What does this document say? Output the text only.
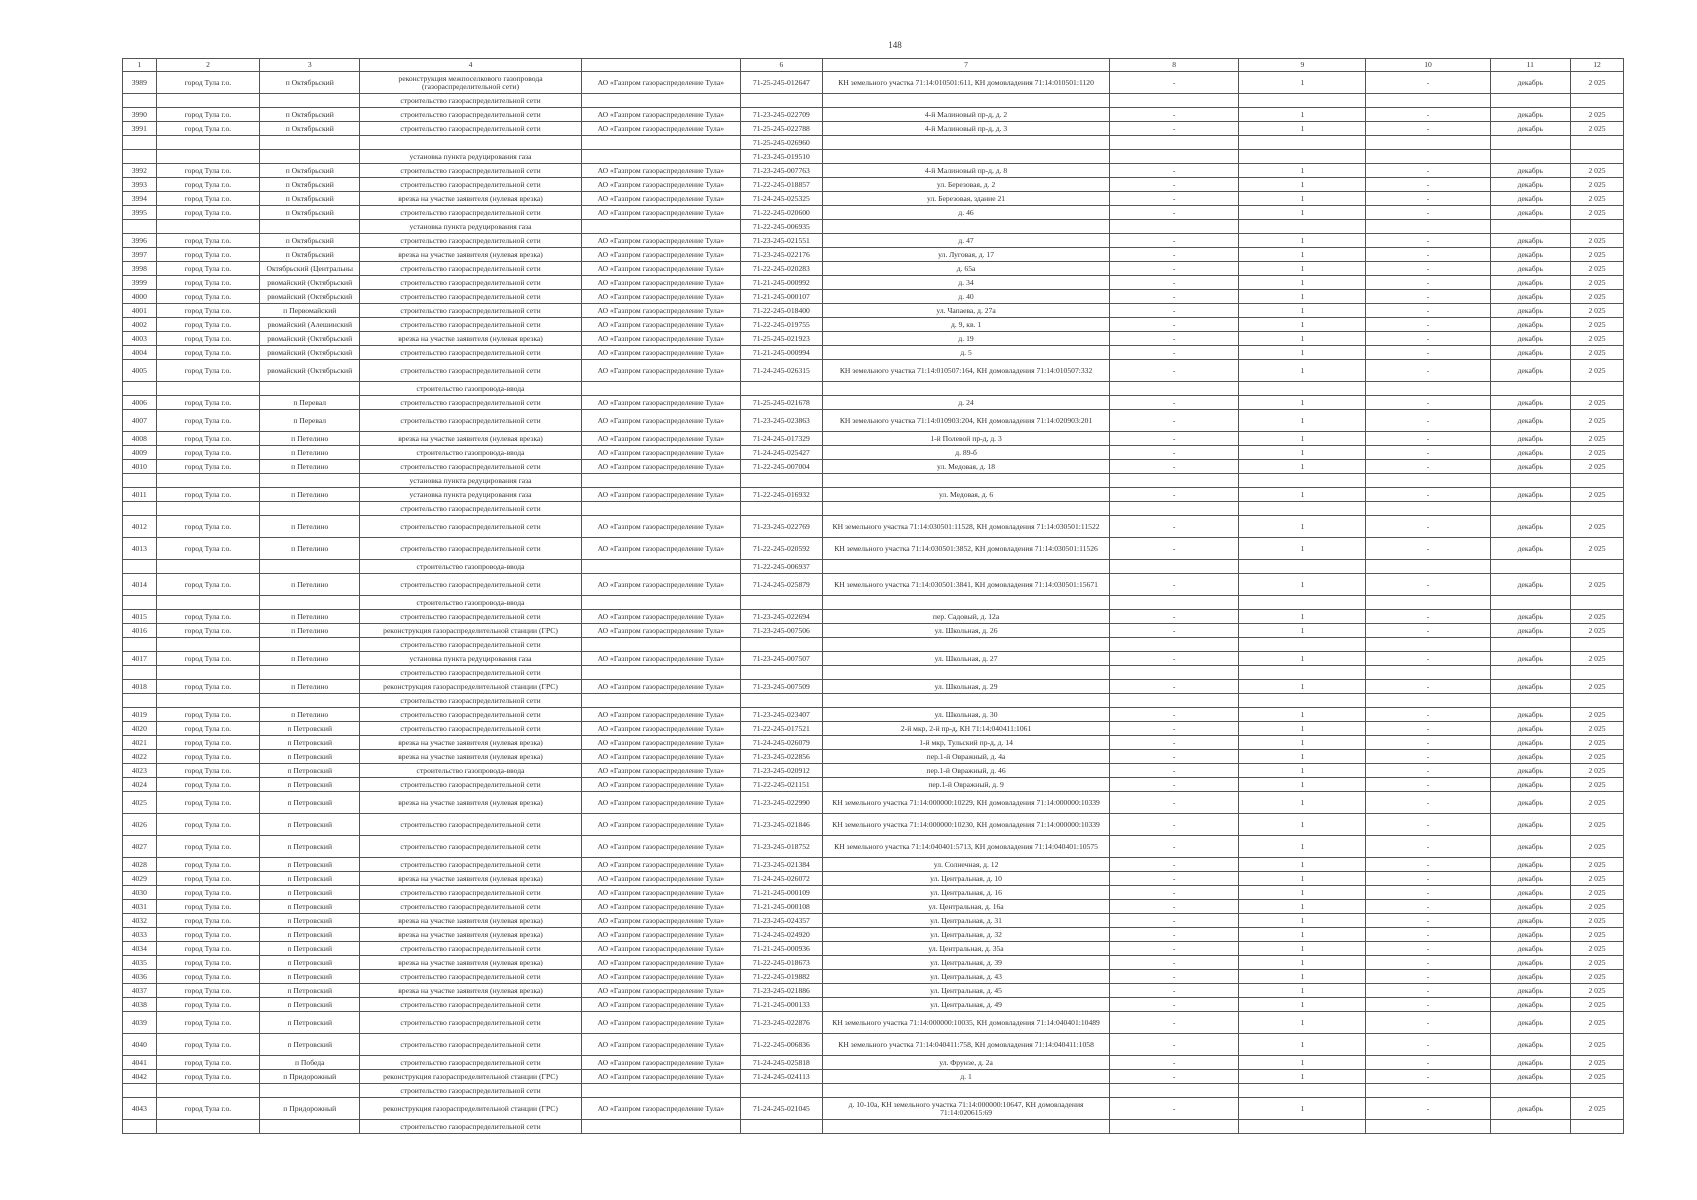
148
1	2	3	4		6	7	8	9	10	11	12
3989	город Тула г.о.	п Октябрьский	реконструкция межпоселкового газопровода (газораспределительной сети)	АО «Газпром газораспределение Тула»	71-25-245-012647	КН земельного участка 71:14:010501:611, КН домовладения 71:14:010501:1120	-	1	-	декабрь	2 025
			строительство газораспределительной сети								
3990	город Тула г.о.	п Октябрьский	строительство газораспределительной сети	АО «Газпром газораспределение Тула»	71-23-245-022709	4-й Малиновый пр-д, д. 2	-	1	-	декабрь	2 025
3991	город Тула г.о.	п Октябрьский	строительство газораспределительной сети	АО «Газпром газораспределение Тула»	71-25-245-022788	4-й Малиновый пр-д, д. 3	-	1	-	декабрь	2 025
					71-25-245-026960						
			установка пункта редуцирования газа		71-23-245-019510						
3992	город Тула г.о.	п Октябрьский	строительство газораспределительной сети	АО «Газпром газораспределение Тула»	71-23-245-007763	4-й Малиновый пр-д, д. 8	-	1	-	декабрь	2 025
3993	город Тула г.о.	п Октябрьский	строительство газораспределительной сети	АО «Газпром газораспределение Тула»	71-22-245-018857	ул. Березовая, д. 2	-	1	-	декабрь	2 025
3994	город Тула г.о.	п Октябрьский	врезка на участке заявителя (нулевая врезка)	АО «Газпром газораспределение Тула»	71-24-245-025325	ул. Березовая, здание 21	-	1	-	декабрь	2 025
3995	город Тула г.о.	п Октябрьский	строительство газораспределительной сети	АО «Газпром газораспределение Тула»	71-22-245-020600	д. 46	-	1	-	декабрь	2 025
			установка пункта редуцирования газа		71-22-245-006935						
3996	город Тула г.о.	п Октябрьский	строительство газораспределительной сети	АО «Газпром газораспределение Тула»	71-23-245-021551	д. 47	-	1	-	декабрь	2 025
3997	город Тула г.о.	п Октябрьский	врезка на участке заявителя (нулевая врезка)	АО «Газпром газораспределение Тула»	71-23-245-022176	ул. Луговая, д. 17	-	1	-	декабрь	2 025
3998	город Тула г.о.	Октябрьский (Центральны	строительство газораспределительной сети	АО «Газпром газораспределение Тула»	71-22-245-020283	д. 65а	-	1	-	декабрь	2 025
3999	город Тула г.о.	рвомайский (Октябрьский	строительство газораспределительной сети	АО «Газпром газораспределение Тула»	71-21-245-000992	д. 34	-	1	-	декабрь	2 025
4000	город Тула г.о.	рвомайский (Октябрьский	строительство газораспределительной сети	АО «Газпром газораспределение Тула»	71-21-245-000107	д. 40	-	1	-	декабрь	2 025
4001	город Тула г.о.	п Первомайский	строительство газораспределительной сети	АО «Газпром газораспределение Тула»	71-22-245-018400	ул. Чапаева, д. 27а	-	1	-	декабрь	2 025
4002	город Тула г.о.	рвомайский (Алешинский	строительство газораспределительной сети	АО «Газпром газораспределение Тула»	71-22-245-019755	д. 9, кв. 1	-	1	-	декабрь	2 025
4003	город Тула г.о.	рвомайский (Октябрьский	врезка на участке заявителя (нулевая врезка)	АО «Газпром газораспределение Тула»	71-25-245-021923	д. 19	-	1	-	декабрь	2 025
4004	город Тула г.о.	рвомайский (Октябрьский	строительство газораспределительной сети	АО «Газпром газораспределение Тула»	71-21-245-000994	д. 5	-	1	-	декабрь	2 025
4005	город Тула г.о.	рвомайский (Октябрьский	строительство газораспределительной сети	АО «Газпром газораспределение Тула»	71-24-245-026315	КН земельного участка 71:14:010507:164, КН домовладения 71:14:010507:332	-	1	-	декабрь	2 025
			строительство газопровода-ввода								
4006	город Тула г.о.	п Перевал	строительство газораспределительной сети	АО «Газпром газораспределение Тула»	71-25-245-021678	д. 24	-	1	-	декабрь	2 025
4007	город Тула г.о.	п Перевал	строительство газораспределительной сети	АО «Газпром газораспределение Тула»	71-23-245-023863	КН земельного участка 71:14:010903:204, КН домовладения 71:14:020903:201	-	1	-	декабрь	2 025
4008	город Тула г.о.	п Петелино	врезка на участке заявителя (нулевая врезка)	АО «Газпром газораспределение Тула»	71-24-245-017329	1-й Полевой пр-д, д. 3	-	1	-	декабрь	2 025
4009	город Тула г.о.	п Петелино	строительство газопровода-ввода	АО «Газпром газораспределение Тула»	71-24-245-025427	д. 89-б	-	1	-	декабрь	2 025
4010	город Тула г.о.	п Петелино	строительство газораспределительной сети	АО «Газпром газораспределение Тула»	71-22-245-007004	ул. Медовая, д. 18	-	1	-	декабрь	2 025
			установка пункта редуцирования газа								
4011	город Тула г.о.	п Петелино	установка пункта редуцирования газа	АО «Газпром газораспределение Тула»	71-22-245-016932	ул. Медовая, д. 6	-	1	-	декабрь	2 025
			строительство газораспределительной сети								
4012	город Тула г.о.	п Петелино	строительство газораспределительной сети	АО «Газпром газораспределение Тула»	71-23-245-022769	КН земельного участка 71:14:030501:11528, КН домовладения 71:14:030501:11522	-	1	-	декабрь	2 025
4013	город Тула г.о.	п Петелино	строительство газораспределительной сети	АО «Газпром газораспределение Тула»	71-22-245-020592	КН земельного участка 71:14:030501:3852, КН домовладения 71:14:030501:11526	-	1	-	декабрь	2 025
			строительство газопровода-ввода		71-22-245-006937						
4014	город Тула г.о.	п Петелино	строительство газораспределительной сети	АО «Газпром газораспределение Тула»	71-24-245-025879	КН земельного участка 71:14:030501:3841, КН домовладения 71:14:030501:15671	-	1	-	декабрь	2 025
			строительство газопровода-ввода								
4015	город Тула г.о.	п Петелино	строительство газораспределительной сети	АО «Газпром газораспределение Тула»	71-23-245-022694	пер. Садовый, д. 12а	-	1	-	декабрь	2 025
4016	город Тула г.о.	п Петелино	реконструкция газораспределительной станции (ГРС)	АО «Газпром газораспределение Тула»	71-23-245-007506	ул. Школьная, д. 26	-	1	-	декабрь	2 025
			строительство газораспределительной сети								
4017	город Тула г.о.	п Петелино	установка пункта редуцирования газа	АО «Газпром газораспределение Тула»	71-23-245-007507	ул. Школьная, д. 27	-	1	-	декабрь	2 025
			строительство газораспределительной сети								
4018	город Тула г.о.	п Петелино	реконструкция газораспределительной станции (ГРС)	АО «Газпром газораспределение Тула»	71-23-245-007509	ул. Школьная, д. 29	-	1	-	декабрь	2 025
			строительство газораспределительной сети								
4019	город Тула г.о.	п Петелино	строительство газораспределительной сети	АО «Газпром газораспределение Тула»	71-23-245-023407	ул. Школьная, д. 30	-	1	-	декабрь	2 025
4020	город Тула г.о.	п Петровский	строительство газораспределительной сети	АО «Газпром газораспределение Тула»	71-22-245-017521	2-й мкр, 2-й пр-д, КН 71:14:040411:1061	-	1	-	декабрь	2 025
4021	город Тула г.о.	п Петровский	врезка на участке заявителя (нулевая врезка)	АО «Газпром газораспределение Тула»	71-24-245-026079	1-й мкр, Тульский пр-д, д. 14	-	1	-	декабрь	2 025
4022	город Тула г.о.	п Петровский	врезка на участке заявителя (нулевая врезка)	АО «Газпром газораспределение Тула»	71-23-245-022856	пер.1-й Овражный, д. 4а	-	1	-	декабрь	2 025
4023	город Тула г.о.	п Петровский	строительство газопровода-ввода	АО «Газпром газораспределение Тула»	71-23-245-020912	пер.1-й Овражный, д. 46	-	1	-	декабрь	2 025
4024	город Тула г.о.	п Петровский	строительство газораспределительной сети	АО «Газпром газораспределение Тула»	71-22-245-021151	пер.1-й Овражный, д. 9	-	1	-	декабрь	2 025
4025	город Тула г.о.	п Петровский	врезка на участке заявителя (нулевая врезка)	АО «Газпром газораспределение Тула»	71-23-245-022990	КН земельного участка 71:14:000000:10229, КН домовладения 71:14:000000:10339	-	1	-	декабрь	2 025
4026	город Тула г.о.	п Петровский	строительство газораспределительной сети	АО «Газпром газораспределение Тула»	71-23-245-021846	КН земельного участка 71:14:000000:10230, КН домовладения 71:14:000000:10339	-	1	-	декабрь	2 025
4027	город Тула г.о.	п Петровский	строительство газораспределительной сети	АО «Газпром газораспределение Тула»	71-23-245-018752	КН земельного участка 71:14:040401:5713, КН домовладения 71:14:040401:10575	-	1	-	декабрь	2 025
4028	город Тула г.о.	п Петровский	строительство газораспределительной сети	АО «Газпром газораспределение Тула»	71-23-245-021384	ул. Солнечная, д. 12	-	1	-	декабрь	2 025
4029	город Тула г.о.	п Петровский	врезка на участке заявителя (нулевая врезка)	АО «Газпром газораспределение Тула»	71-24-245-026072	ул. Центральная, д. 10	-	1	-	декабрь	2 025
4030	город Тула г.о.	п Петровский	строительство газораспределительной сети	АО «Газпром газораспределение Тула»	71-21-245-000109	ул. Центральная, д. 16	-	1	-	декабрь	2 025
4031	город Тула г.о.	п Петровский	строительство газораспределительной сети	АО «Газпром газораспределение Тула»	71-21-245-000108	ул. Центральная, д. 16а	-	1	-	декабрь	2 025
4032	город Тула г.о.	п Петровский	врезка на участке заявителя (нулевая врезка)	АО «Газпром газораспределение Тула»	71-23-245-024357	ул. Центральная, д. 31	-	1	-	декабрь	2 025
4033	город Тула г.о.	п Петровский	врезка на участке заявителя (нулевая врезка)	АО «Газпром газораспределение Тула»	71-24-245-024920	ул. Центральная, д. 32	-	1	-	декабрь	2 025
4034	город Тула г.о.	п Петровский	строительство газораспределительной сети	АО «Газпром газораспределение Тула»	71-21-245-000936	ул. Центральная, д. 35а	-	1	-	декабрь	2 025
4035	город Тула г.о.	п Петровский	врезка на участке заявителя (нулевая врезка)	АО «Газпром газораспределение Тула»	71-22-245-018673	ул. Центральная, д. 39	-	1	-	декабрь	2 025
4036	город Тула г.о.	п Петровский	строительство газораспределительной сети	АО «Газпром газораспределение Тула»	71-22-245-019882	ул. Центральная, д. 43	-	1	-	декабрь	2 025
4037	город Тула г.о.	п Петровский	врезка на участке заявителя (нулевая врезка)	АО «Газпром газораспределение Тула»	71-23-245-021886	ул. Центральная, д. 45	-	1	-	декабрь	2 025
4038	город Тула г.о.	п Петровский	строительство газораспределительной сети	АО «Газпром газораспределение Тула»	71-21-245-000133	ул. Центральная, д. 49	-	1	-	декабрь	2 025
4039	город Тула г.о.	п Петровский	строительство газораспределительной сети	АО «Газпром газораспределение Тула»	71-23-245-022876	КН земельного участка 71:14:000000:10035, КН домовладения 71:14:040401:10489	-	1	-	декабрь	2 025
4040	город Тула г.о.	п Петровский	строительство газораспределительной сети	АО «Газпром газораспределение Тула»	71-22-245-006836	КН земельного участка 71:14:040411:758, КН домовладения 71:14:040411:1058	-	1	-	декабрь	2 025
4041	город Тула г.о.	п Победа	строительство газораспределительной сети	АО «Газпром газораспределение Тула»	71-24-245-025818	ул. Фрунзе, д. 2а	-	1	-	декабрь	2 025
4042	город Тула г.о.	п Придорожный	реконструкция газораспределительной станции (ГРС)	АО «Газпром газораспределение Тула»	71-24-245-024113	д. 1	-	1	-	декабрь	2 025
			строительство газораспределительной сети								
4043	город Тула г.о.	п Придорожный	реконструкция газораспределительной станции (ГРС)	АО «Газпром газораспределение Тула»	71-24-245-021045	д. 10-10а, КН земельного участка 71:14:000000:10647, КН домовладения 71:14:020615:69	-	1	-	декабрь	2 025
			строительство газораспределительной сети								
